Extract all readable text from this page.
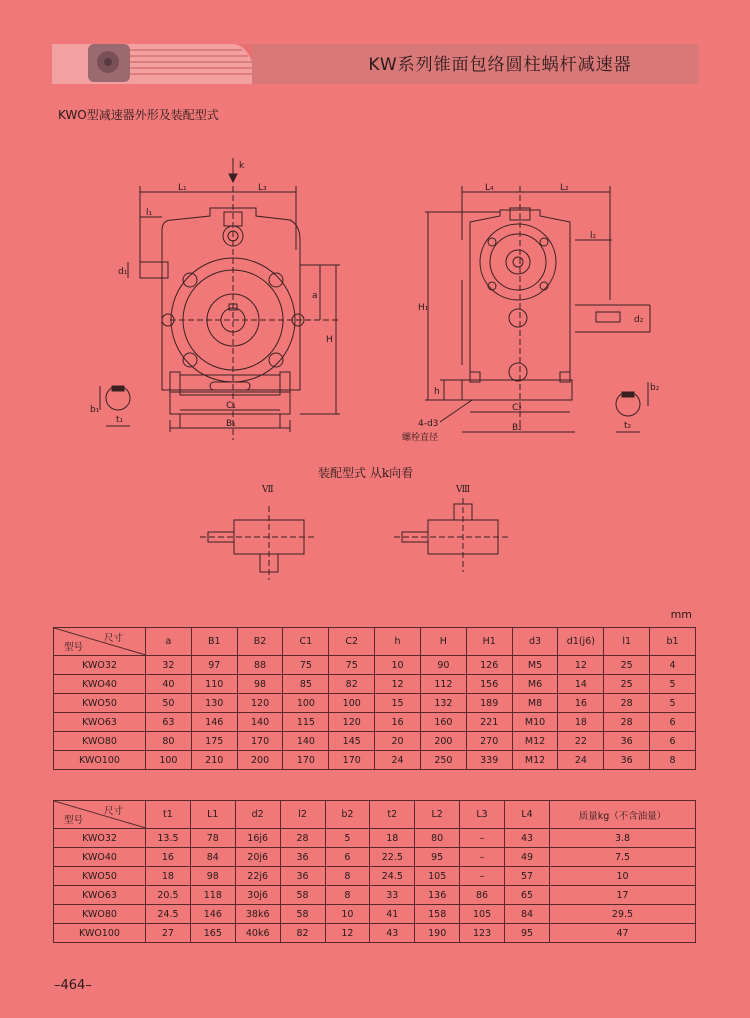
KW系列锥面包络圆柱蜗杆减速器
KWO型减速器外形及装配型式
k
L₁	L₃
l₁
d₁
C₁
B₁
a
H
b₁
t₁
L₄	L₂
l₂
d₂
C₂
B₂
H₁
h
4-d3
螺栓直径
b₂
t₂
装配型式 从k向看
Ⅶ	Ⅷ
mm
尺寸
型号	a	B1	B2	C1	C2	h	H	H1	d3	d1(j6)	l1	b1
KWO32	32	97	88	75	75	10	90	126	M5	12	25	4
KWO40	40	110	98	85	82	12	112	156	M6	14	25	5
KWO50	50	130	120	100	100	15	132	189	M8	16	28	5
KWO63	63	146	140	115	120	16	160	221	M10	18	28	6
KWO80	80	175	170	140	145	20	200	270	M12	22	36	6
KWO100	100	210	200	170	170	24	250	339	M12	24	36	8
尺寸
型号	t1	L1	d2	l2	b2	t2	L2	L3	L4	质量kg（不含油量）
KWO32	13.5	78	16j6	28	5	18	80	–	43	3.8
KWO40	16	84	20j6	36	6	22.5	95	–	49	7.5
KWO50	18	98	22j6	36	8	24.5	105	–	57	10
KWO63	20.5	118	30j6	58	8	33	136	86	65	17
KWO80	24.5	146	38k6	58	10	41	158	105	84	29.5
KWO100	27	165	40k6	82	12	43	190	123	95	47
–464–
